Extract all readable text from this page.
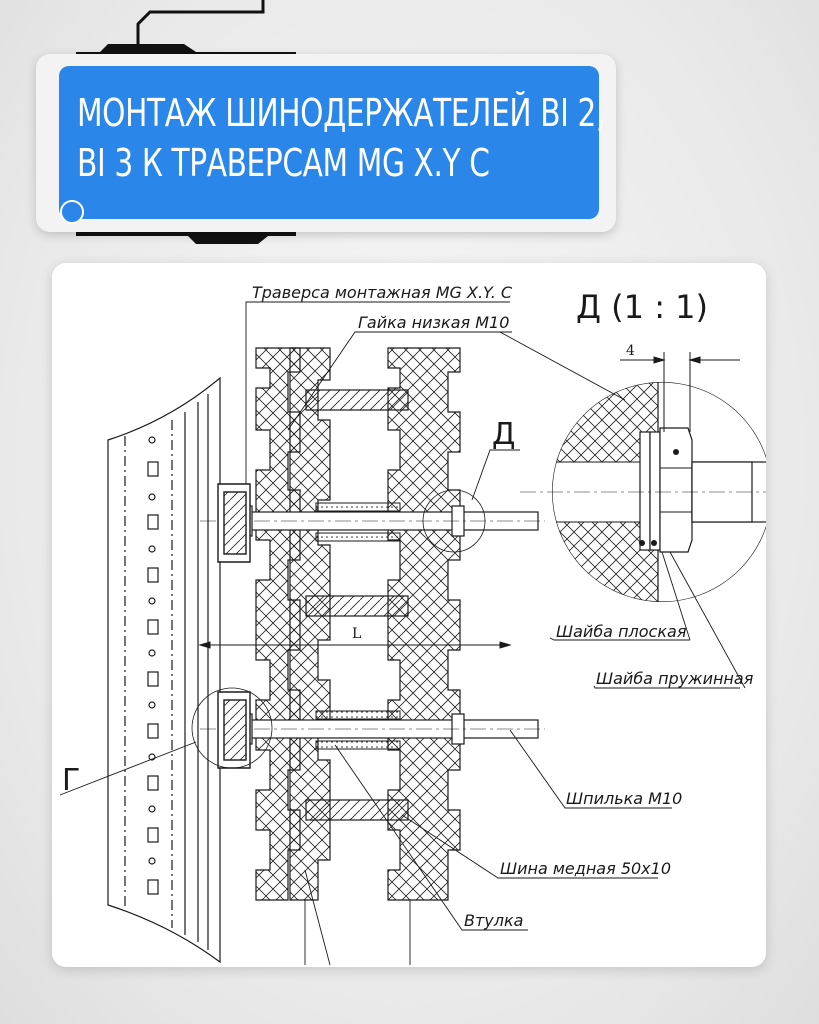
МОНТАЖ ШИНОДЕРЖАТЕЛЕЙ BI 2,
BI 3 К ТРАВЕРСАМ MG X.Y C
L
4
Траверса монтажная MG X.Y. C
Гайка низкая М10
Шайба плоская
Шайба пружинная
Шпилька М10
Шина медная 50х10
Втулка
Д (1 : 1)
Д
Г
